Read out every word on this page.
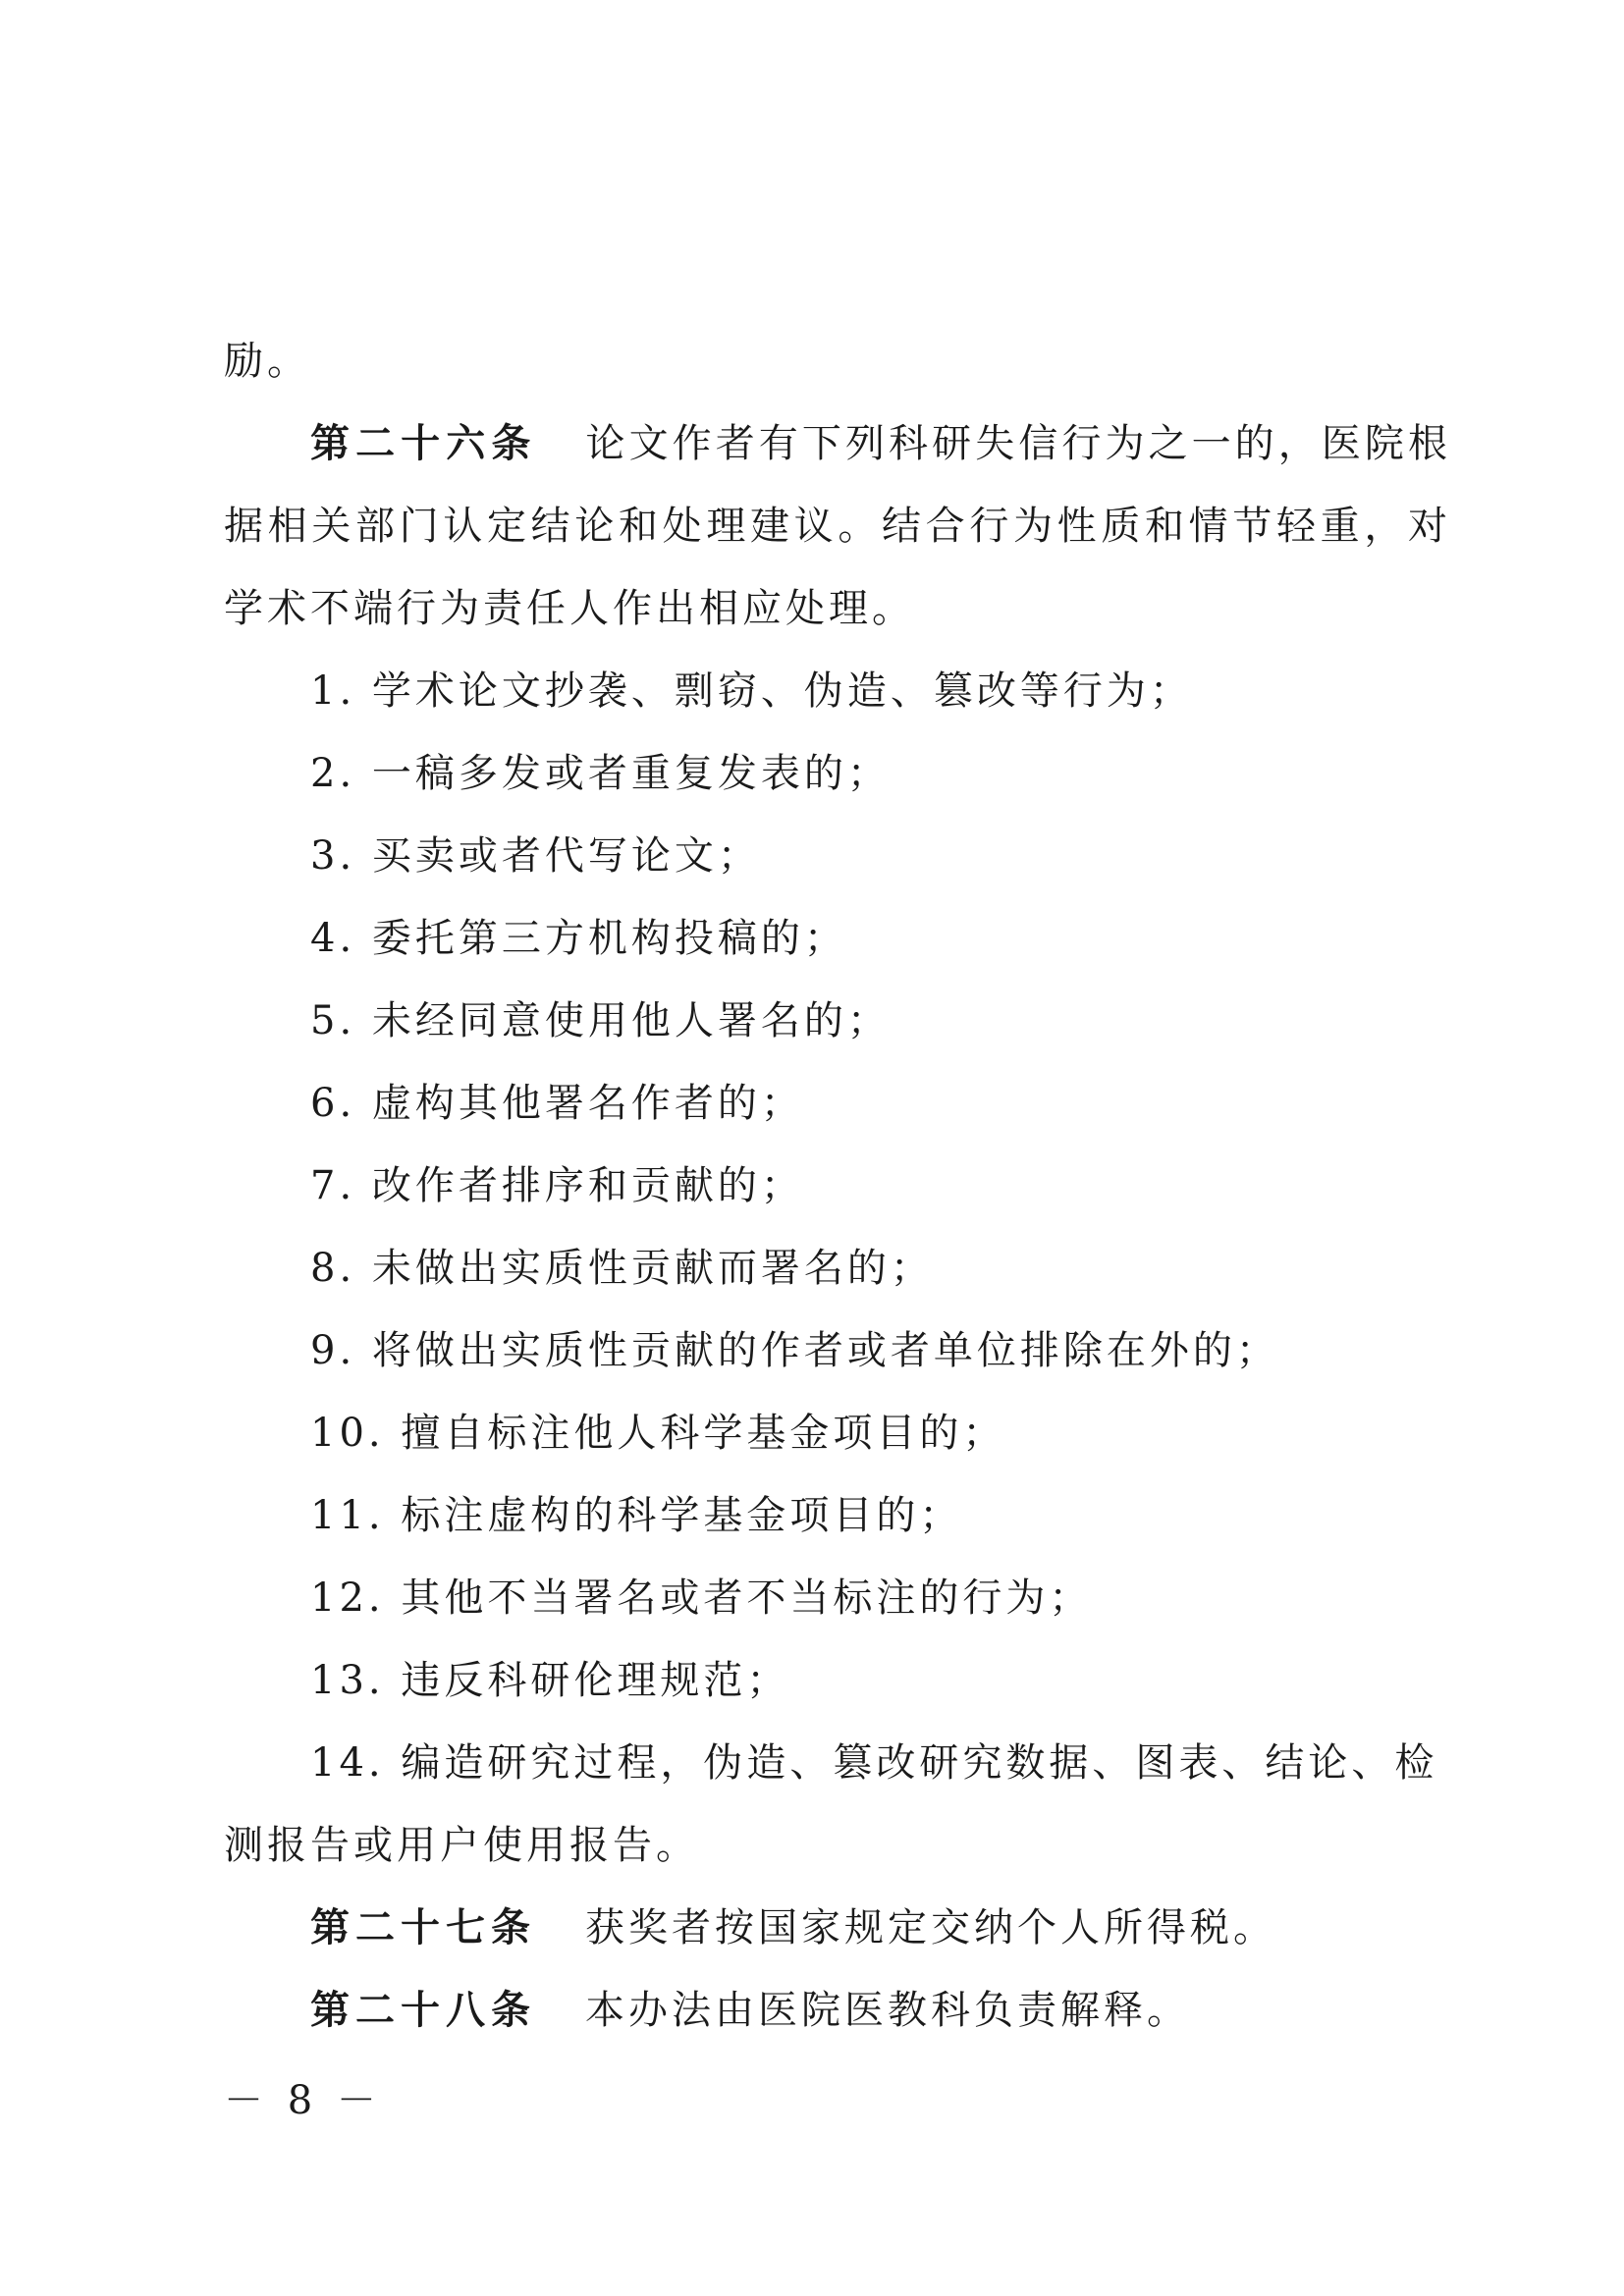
励。

第二十六条 论文作者有下列科研失信行为之一的，医院根据相关部门认定结论和处理建议。结合行为性质和情节轻重，对学术不端行为责任人作出相应处理。

1. 学术论文抄袭、剽窃、伪造、篡改等行为；

2. 一稿多发或者重复发表的；

3. 买卖或者代写论文；

4. 委托第三方机构投稿的；

5. 未经同意使用他人署名的；

6. 虚构其他署名作者的；

7. 改作者排序和贡献的；

8. 未做出实质性贡献而署名的；

9. 将做出实质性贡献的作者或者单位排除在外的；

10. 擅自标注他人科学基金项目的；

11. 标注虚构的科学基金项目的；

12. 其他不当署名或者不当标注的行为；

13. 违反科研伦理规范；

14. 编造研究过程，伪造、篡改研究数据、图表、结论、检测报告或用户使用报告。

第二十七条 获奖者按国家规定交纳个人所得税。

第二十八条 本办法由医院医教科负责解释。

－ 8 －
